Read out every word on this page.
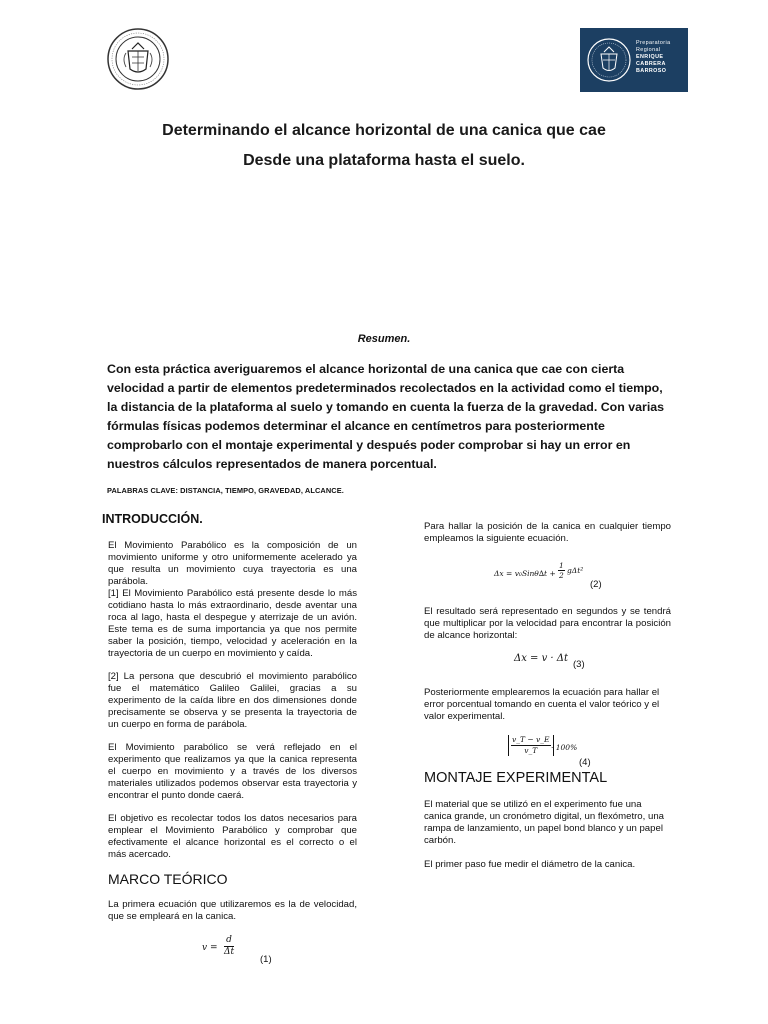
Preparatoria
Regional
ENRIQUE
CABRERA
BARROSO
Determinando el alcance horizontal de una canica que cae
Desde una plataforma hasta el suelo.
Resumen.
Con esta práctica averiguaremos el alcance horizontal de una canica que cae con cierta velocidad a partir de elementos predeterminados recolectados en la actividad como el tiempo, la distancia de la plataforma al suelo y tomando en cuenta la fuerza de la gravedad. Con varias fórmulas físicas podemos determinar el alcance en centímetros para posteriormente comprobarlo con el montaje experimental y después poder comprobar si hay un error en nuestros cálculos representados de manera porcentual.
PALABRAS CLAVE: DISTANCIA, TIEMPO, GRAVEDAD, ALCANCE.
INTRODUCCIÓN.

El Movimiento Parabólico es la composición de un movimiento uniforme y otro uniformemente acelerado ya que resulta un movimiento cuya trayectoria es una parábola.

[1] El Movimiento Parabólico está presente desde lo más cotidiano hasta lo más extraordinario, desde aventar una roca al lago, hasta el despegue y aterrizaje de un avión. Este tema es de suma importancia ya que nos permite saber la posición, tiempo, velocidad y aceleración en la trayectoria de un cuerpo en movimiento y caída.

[2] La persona que descubrió el movimiento parabólico fue el matemático Galileo Galilei, gracias a su experimento de la caída libre en dos dimensiones donde precisamente se observa y se presenta la trayectoria de un cuerpo en forma de parábola.

El Movimiento parabólico se verá reflejado en el experimento que realizamos ya que la canica representa el cuerpo en movimiento y a través de los diversos materiales utilizados podemos observar esta trayectoria y encontrar el punto donde caerá.

El objetivo es recolectar todos los datos necesarios para emplear el Movimiento Parabólico y comprobar que efectivamente el alcance horizontal es el correcto o el más acercado.

MARCO TEÓRICO

La primera ecuación que utilizaremos es la de velocidad, que se empleará en la canica.

$v = \frac{d}{\Delta t}$
(1)

Para hallar la posición de la canica en cualquier tiempo empleamos la siguiente ecuación.

$\Delta x = v_0Sin\theta\Delta t + \frac{1}{2} g\Delta t^2$
(2)

El resultado será representado en segundos y se tendrá que multiplicar por la velocidad para encontrar la posición de alcance horizontal:

Δx = v · Δt
(3)

Posteriormente emplearemos la ecuación para hallar el error porcentual tomando en cuenta el valor teórico y el valor experimental.

$\frac{v\_T - v\_E}{v\_T} \cdot 100\%$
(4)
MONTAJE EXPERIMENTAL

El material que se utilizó en el experimento fue una canica grande, un cronómetro digital, un flexómetro, una rampa de lanzamiento, un papel bond blanco y un papel carbón.

El primer paso fue medir el diámetro de la canica.
